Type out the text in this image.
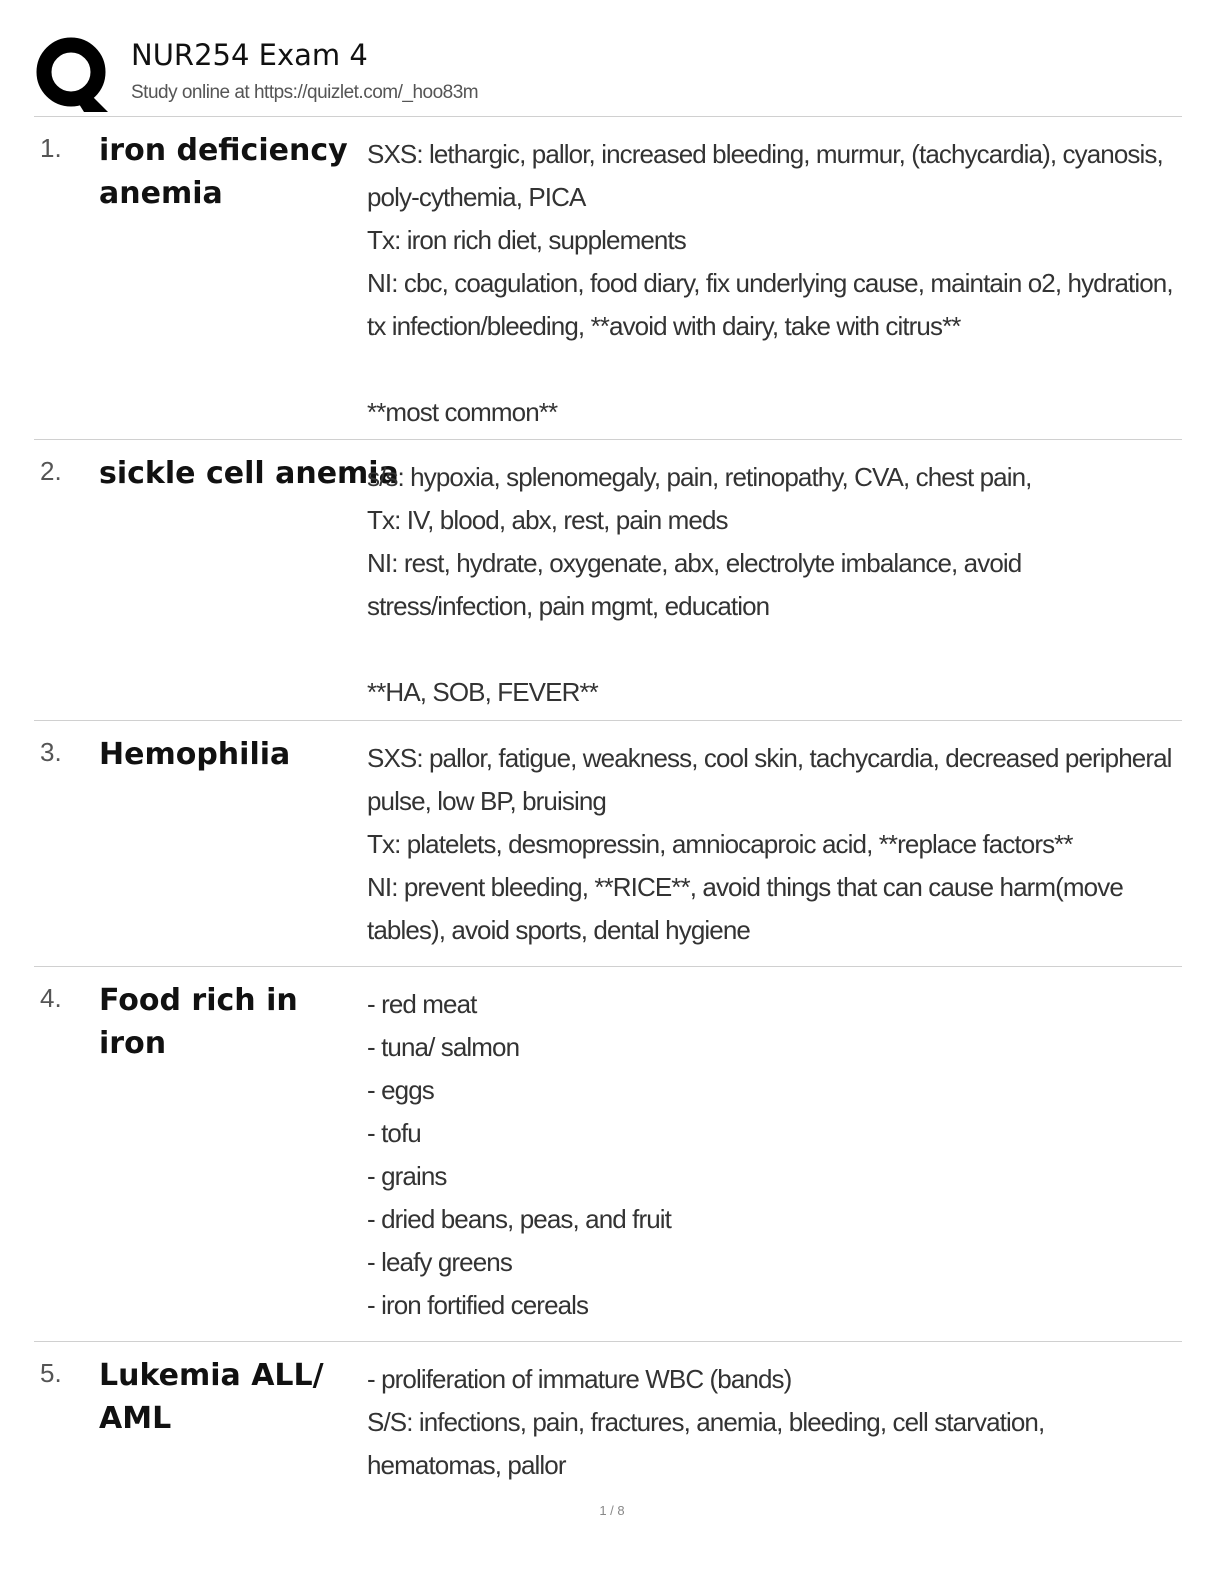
NUR254 Exam 4
Study online at https://quizlet.com/_hoo83m
1. iron deficiency anemia
SXS: lethargic, pallor, increased bleeding, murmur, (tachycardia), cyanosis, poly-cythemia, PICA
Tx: iron rich diet, supplements
NI: cbc, coagulation, food diary, fix underlying cause, maintain o2, hydration, tx infection/bleeding, **avoid with dairy, take with citrus**

**most common**
2. sickle cell anemia
s/s: hypoxia, splenomegaly, pain, retinopathy, CVA, chest pain,
Tx: IV, blood, abx, rest, pain meds
NI: rest, hydrate, oxygenate, abx, electrolyte imbalance, avoid stress/infection, pain mgmt, education

**HA, SOB, FEVER**
3. Hemophilia	SXS: pallor, fatigue, weakness, cool skin, tachycardia, decreased peripheral pulse, low BP, bruising
Tx: platelets, desmopressin, amniocaproic acid, **replace factors**
NI: prevent bleeding, **RICE**, avoid things that can cause harm(move tables), avoid sports, dental hygiene
4. Food rich in iron
- red meat
- tuna/ salmon
- eggs
- tofu
- grains
- dried beans, peas, and fruit
- leafy greens
- iron fortified cereals
5. Lukemia ALL/ AML
- proliferation of immature WBC (bands)
S/S: infections, pain, fractures, anemia, bleeding, cell starvation, hematomas, pallor
1 / 8
